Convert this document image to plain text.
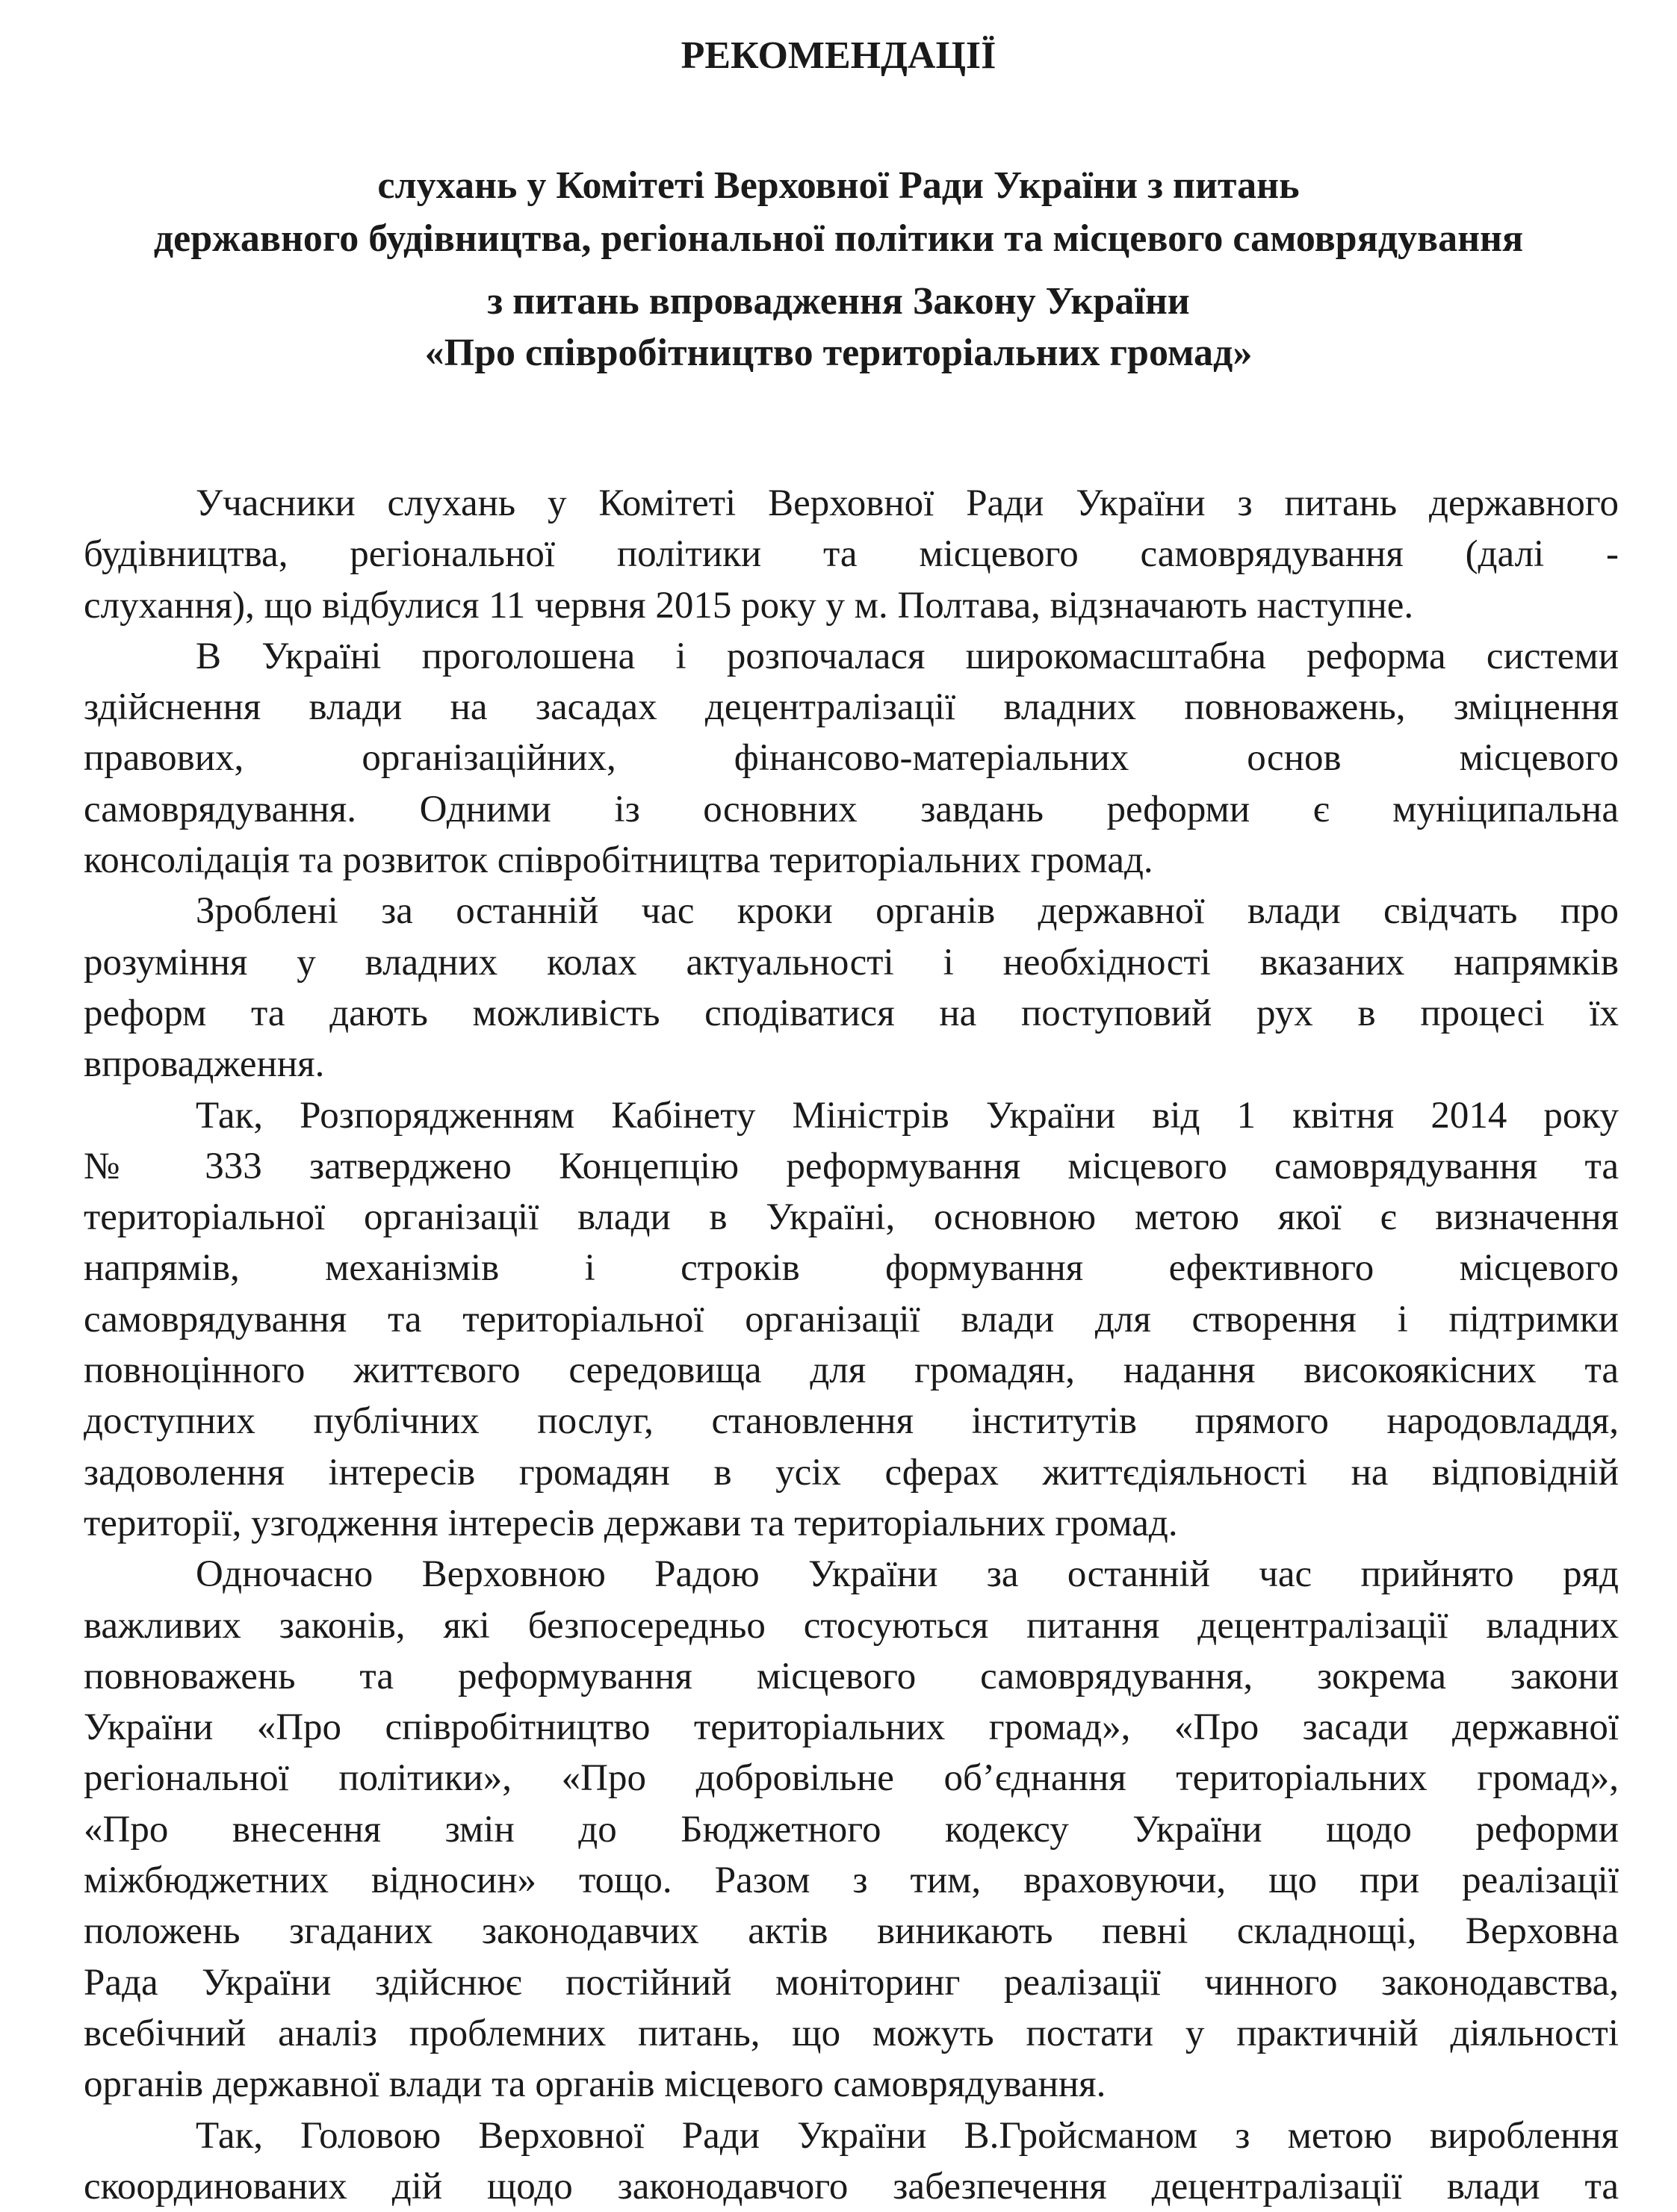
РЕКОМЕНДАЦІЇ
слухань у Комітеті Верховної Ради України з питань
державного будівництва, регіональної політики та місцевого самоврядування
з питань впровадження Закону України
«Про співробітництво територіальних громад»
Учасники слухань у Комітеті Верховної Ради України з питань державного
будівництва, регіональної політики та місцевого самоврядування (далі -
слухання), що відбулися 11 червня 2015 року у м. Полтава, відзначають наступне.
В Україні проголошена і розпочалася широкомасштабна реформа системи
здійснення влади на засадах децентралізації владних повноважень, зміцнення
правових, організаційних, фінансово-матеріальних основ місцевого
самоврядування. Одними із основних завдань реформи є муніципальна
консолідація та розвиток співробітництва територіальних громад.
Зроблені за останній час кроки органів державної влади свідчать про
розуміння у владних колах актуальності і необхідності вказаних напрямків
реформ та дають можливість сподіватися на поступовий рух в процесі їх
впровадження.
Так, Розпорядженням Кабінету Міністрів України від 1 квітня 2014 року
№ 333 затверджено Концепцію реформування місцевого самоврядування та
територіальної організації влади в Україні, основною метою якої є визначення
напрямів, механізмів і строків формування ефективного місцевого
самоврядування та територіальної організації влади для створення і підтримки
повноцінного життєвого середовища для громадян, надання високоякісних та
доступних публічних послуг, становлення інститутів прямого народовладдя,
задоволення інтересів громадян в усіх сферах життєдіяльності на відповідній
території, узгодження інтересів держави та територіальних громад.
Одночасно Верховною Радою України за останній час прийнято ряд
важливих законів, які безпосередньо стосуються питання децентралізації владних
повноважень та реформування місцевого самоврядування, зокрема закони
України «Про співробітництво територіальних громад», «Про засади державної
регіональної політики», «Про добровільне об’єднання територіальних громад»,
«Про внесення змін до Бюджетного кодексу України щодо реформи
міжбюджетних відносин» тощо. Разом з тим, враховуючи, що при реалізації
положень згаданих законодавчих актів виникають певні складнощі, Верховна
Рада України здійснює постійний моніторинг реалізації чинного законодавства,
всебічний аналіз проблемних питань, що можуть постати у практичній діяльності
органів державної влади та органів місцевого самоврядування.
Так, Головою Верховної Ради України В.Гройсманом з метою вироблення
скоординованих дій щодо законодавчого забезпечення децентралізації влади та
